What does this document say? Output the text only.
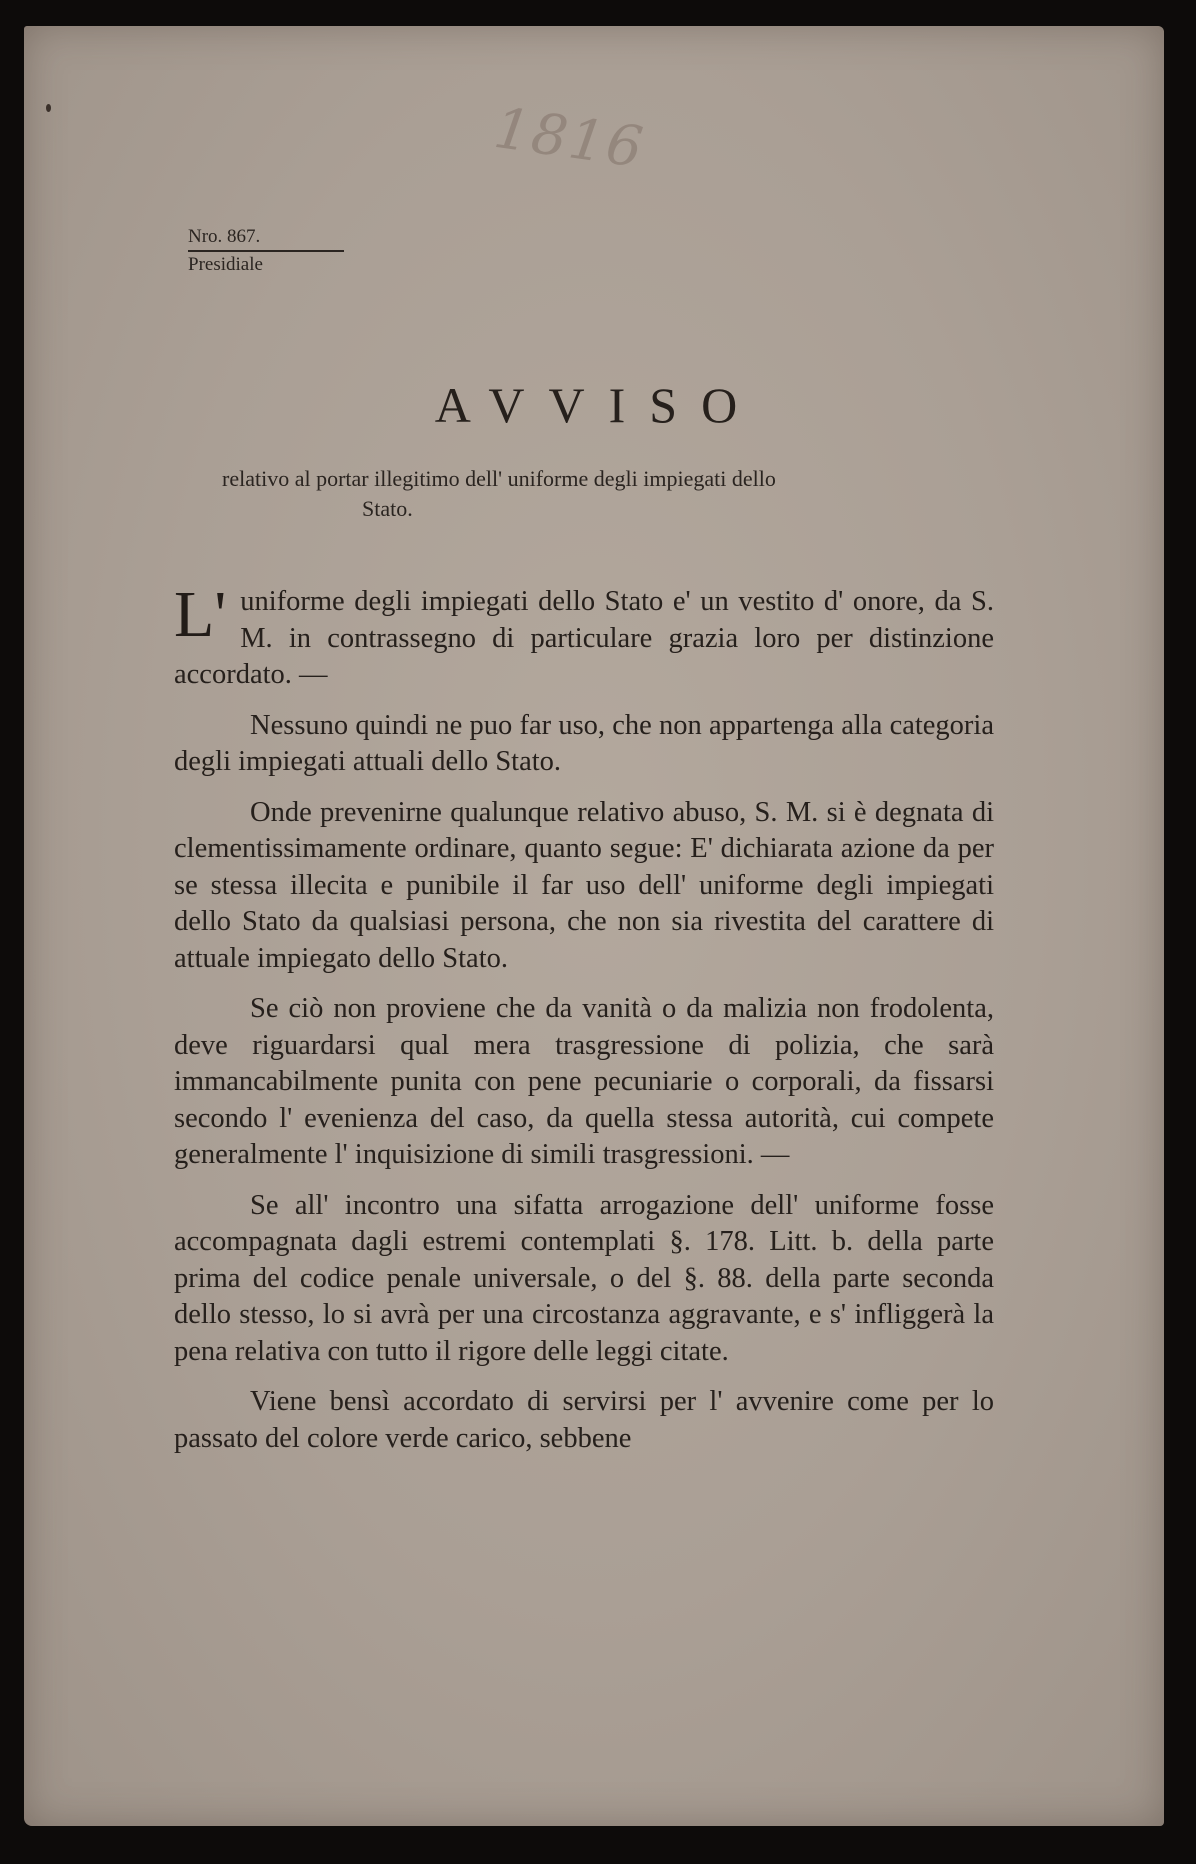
1816
Nro. 867.
Presidiale
AVVISO
relativo al portar illegitimo dell' uniforme degli impiegati dello
Stato.

L' uniforme degli impiegati dello Stato e' un vestito d' onore, da S. M. in contrassegno di particulare grazia loro per distinzione accordato. —

Nessuno quindi ne puo far uso, che non appartenga alla categoria degli impiegati attuali dello Stato.

Onde prevenirne qualunque relativo abuso, S. M. si è degnata di clementissimamente ordinare, quanto segue: E' dichiarata azione da per se stessa illecita e punibile il far uso dell' uniforme degli impiegati dello Stato da qualsiasi persona, che non sia rivestita del carattere di attuale impiegato dello Stato.

Se ciò non proviene che da vanità o da malizia non frodolenta, deve riguardarsi qual mera trasgressione di polizia, che sarà immancabilmente punita con pene pecuniarie o corporali, da fissarsi secondo l' evenienza del caso, da quella stessa autorità, cui compete generalmente l' inquisizione di simili trasgressioni. —

Se all' incontro una sifatta arrogazione dell' uniforme fosse accompagnata dagli estremi contemplati §. 178. Litt. b. della parte prima del codice penale universale, o del §. 88. della parte seconda dello stesso, lo si avrà per una circostanza aggravante, e s' infliggerà la pena relativa con tutto il rigore delle leggi citate.

Viene bensì accordato di servirsi per l' avvenire come per lo passato del colore verde carico, sebbene
